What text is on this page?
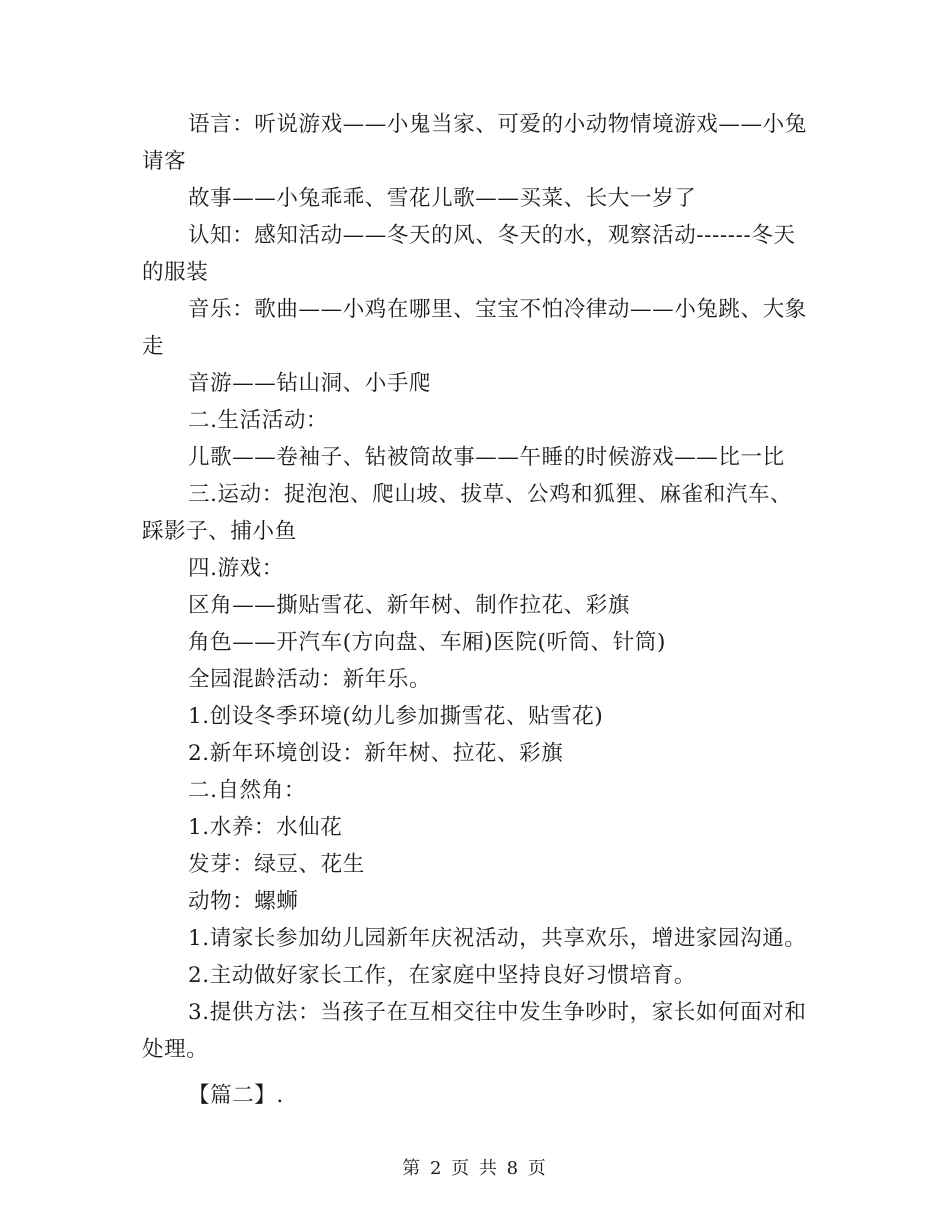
语言：听说游戏——小鬼当家、可爱的小动物情境游戏——小兔请客

故事——小兔乖乖、雪花儿歌——买菜、长大一岁了

认知：感知活动——冬天的风、冬天的水，观察活动-------冬天的服装

音乐：歌曲——小鸡在哪里、宝宝不怕冷律动——小兔跳、大象走

音游——钻山洞、小手爬

二.生活活动：

儿歌——卷袖子、钻被筒故事——午睡的时候游戏——比一比

三.运动：捉泡泡、爬山坡、拔草、公鸡和狐狸、麻雀和汽车、踩影子、捕小鱼

四.游戏：

区角——撕贴雪花、新年树、制作拉花、彩旗

角色——开汽车(方向盘、车厢)医院(听筒、针筒)

全园混龄活动：新年乐。

1.创设冬季环境(幼儿参加撕雪花、贴雪花)

2.新年环境创设：新年树、拉花、彩旗

二.自然角：

1.水养：水仙花

发芽：绿豆、花生

动物：螺蛳

1.请家长参加幼儿园新年庆祝活动，共享欢乐，增进家园沟通。

2.主动做好家长工作，在家庭中坚持良好习惯培育。

3.提供方法：当孩子在互相交往中发生争吵时，家长如何面对和处理。

【篇二】.

第 2 页 共 8 页
